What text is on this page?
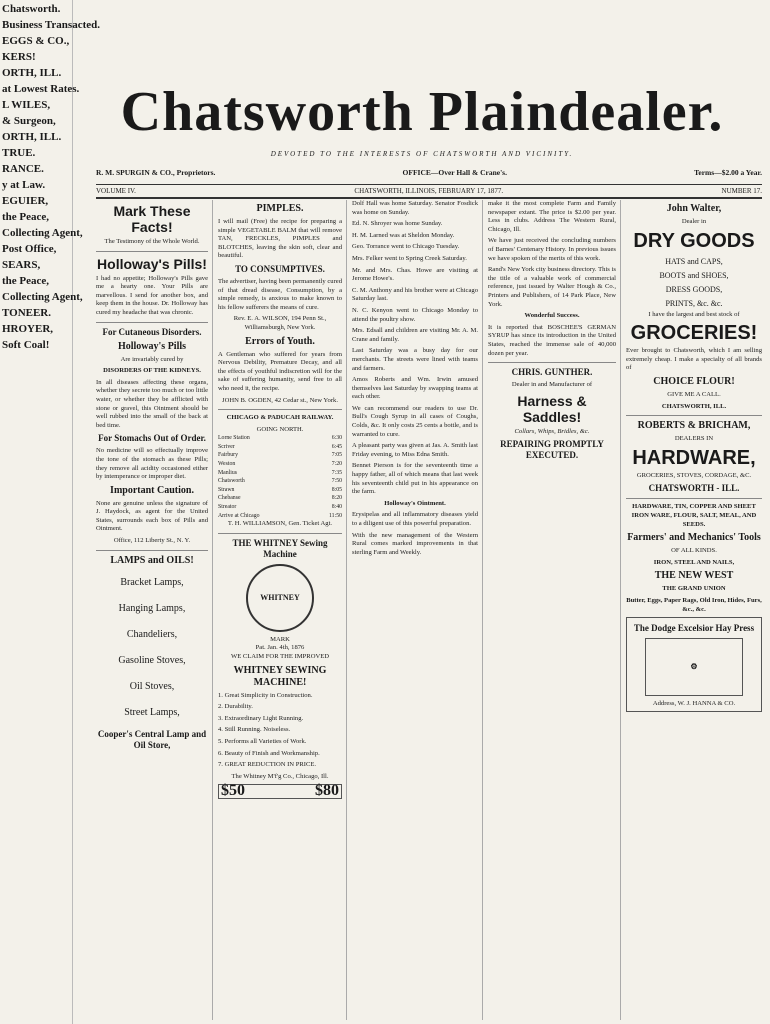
Chatsworth.

Business Transacted.

EGGS & CO.,

KERS!

ORTH, ILL.

at Lowest Rates.

L WILES,

& Surgeon,

ORTH, ILL.

TRUE.

RANCE.

y at Law.

EGUIER,

the Peace,

Collecting Agent,

Post Office,

SEARS,

the Peace,

Collecting Agent,

TONEER.

HROYER,

Soft Coal!

Chatsworth Plaindealer.
DEVOTED TO THE INTERESTS OF CHATSWORTH AND VICINITY.
R. M. SPURGIN & CO., Proprietors.	OFFICE—Over Hall & Crane's.	Terms—$2.00 a Year.
VOLUME IV.	CHATSWORTH, ILLINOIS, FEBRUARY 17, 1877.	NUMBER 17.
Mark These Facts!
The Testimony of the Whole World.
Holloway's Pills!

I had no appetite; Holloway's Pills gave me a hearty one. Your Pills are marvellous. I send for another box, and keep them in the house. Dr. Holloway has cured my headache that was chronic.

For Cutaneous Disorders.
Holloway's Pills
Are invariably cured by
DISORDERS OF THE KIDNEYS.

In all diseases affecting these organs, whether they secrete too much or too little water, or whether they be afflicted with stone or gravel, this Ointment should be well rubbed into the small of the back at bed time.

For Stomachs Out of Order.

No medicine will so effectually improve the tone of the stomach as these Pills; they remove all acidity occasioned either by intemperance or improper diet.

Important Caution.

None are genuine unless the signature of J. Haydock, as agent for the United States, surrounds each box of Pills and Ointment.

Office, 112 Liberty St., N. Y.
LAMPS and OILS!
Bracket Lamps,
Hanging Lamps,
Chandeliers,
Gasoline Stoves,
Oil Stoves,
Street Lamps,
Cooper's Central Lamp and Oil Store,
PIMPLES.

I will mail (Free) the recipe for preparing a simple VEGETABLE BALM that will remove TAN, FRECKLES, PIMPLES and BLOTCHES, leaving the skin soft, clear and beautiful.

TO CONSUMPTIVES.

The advertiser, having been permanently cured of that dread disease, Consumption, by a simple remedy, is anxious to make known to his fellow sufferers the means of cure.

Rev. E. A. WILSON, 194 Penn St., Williamsburgh, New York.
Errors of Youth.

A Gentleman who suffered for years from Nervous Debility, Premature Decay, and all the effects of youthful indiscretion will for the sake of suffering humanity, send free to all who need it, the recipe.

JOHN B. OGDEN, 42 Cedar st., New York.
CHICAGO & PADUCAH RAILWAY.
GOING NORTH.
Lorne Station	6:30
Scriver	6:45
Fairbury	7:05
Weston	7:20
Manlius	7:35
Chatsworth	7:50
Strawn	8:05
Chebanse	8:20
Streator	8:40
Arrive at Chicago	11:50
T. H. WILLIAMSON, Gen. Ticket Agt.
THE WHITNEY Sewing Machine
WHITNEY
MARK
Pat. Jan. 4th, 1876
WE CLAIM FOR THE IMPROVED
WHITNEY SEWING MACHINE!

1. Great Simplicity in Construction.

2. Durability.

3. Extraordinary Light Running.

4. Still Running. Noiseless.

5. Performs all Varieties of Work.

6. Beauty of Finish and Workmanship.

7. GREAT REDUCTION IN PRICE.

The Whitney M'f'g Co., Chicago, Ill.
$50	$80

Dolf Hall was home Saturday. Senator Fosdick was home on Sunday.

Ed. N. Shroyer was home Sunday.

H. M. Larned was at Sheldon Monday.

Geo. Torrance went to Chicago Tuesday.

Mrs. Felker went to Spring Creek Saturday.

Mr. and Mrs. Chas. Howe are visiting at Jerome Howe's.

C. M. Anthony and his brother were at Chicago Saturday last.

N. C. Kenyon went to Chicago Monday to attend the poultry show.

Mrs. Edsall and children are visiting Mr. A. M. Crane and family.

Last Saturday was a busy day for our merchants. The streets were lined with teams and farmers.

Amos Roberts and Wm. Irwin amused themselves last Saturday by swapping teams at each other.

We can recommend our readers to use Dr. Bull's Cough Syrup in all cases of Coughs, Colds, &c. It only costs 25 cents a bottle, and is warranted to cure.

A pleasant party was given at Jas. A. Smith last Friday evening, to Miss Edna Smith.

Bennet Pierson is for the seventeenth time a happy father, all of which means that last week his seventeenth child put in his appearance on the farm.

Holloway's Ointment.

Erysipelas and all inflammatory diseases yield to a diligent use of this powerful preparation.

With the new management of the Western Rural comes marked improvements in that sterling Farm and Weekly.

make it the most complete Farm and Family newspaper extant. The price is $2.00 per year. Less in clubs. Address The Western Rural, Chicago, Ill.

We have just received the concluding numbers of Barnes' Centenary History. In previous issues we have spoken of the merits of this work.

Rand's New York city business directory. This is the title of a valuable work of commercial reference, just issued by Walter Hough & Co., Printers and Publishers, of 14 Park Place, New York.

Wonderful Success.

It is reported that BOSCHEE'S GERMAN SYRUP has since its introduction in the United States, reached the immense sale of 40,000 dozen per year.

CHRIS. GUNTHER.
Dealer in and Manufacturer of
Harness & Saddles!
Collars, Whips, Bridles, &c.
REPAIRING PROMPTLY EXECUTED.
John Walter,
Dealer in
DRY GOODS
HATS and CAPS,
BOOTS and SHOES,
DRESS GOODS,
PRINTS, &c. &c.
I have the largest and best stock of
GROCERIES!

Ever brought to Chatsworth, which I am selling extremely cheap. I make a specialty of all brands of

CHOICE FLOUR!
GIVE ME A CALL.
CHATSWORTH, ILL.
ROBERTS & BRICHAM,
DEALERS IN
HARDWARE,
GROCERIES, STOVES, CORDAGE, &C.
CHATSWORTH - ILL.
HARDWARE, TIN, COPPER AND SHEET IRON WARE, FLOUR, SALT, MEAL, AND SEEDS.
Farmers' and Mechanics' Tools
OF ALL KINDS.
IRON, STEEL AND NAILS,
THE NEW WEST
THE GRAND UNION
Butter, Eggs, Paper Rags, Old Iron, Hides, Furs, &c., &c.
The Dodge Excelsior Hay Press
⚙
Address, W. J. HANNA & CO.
